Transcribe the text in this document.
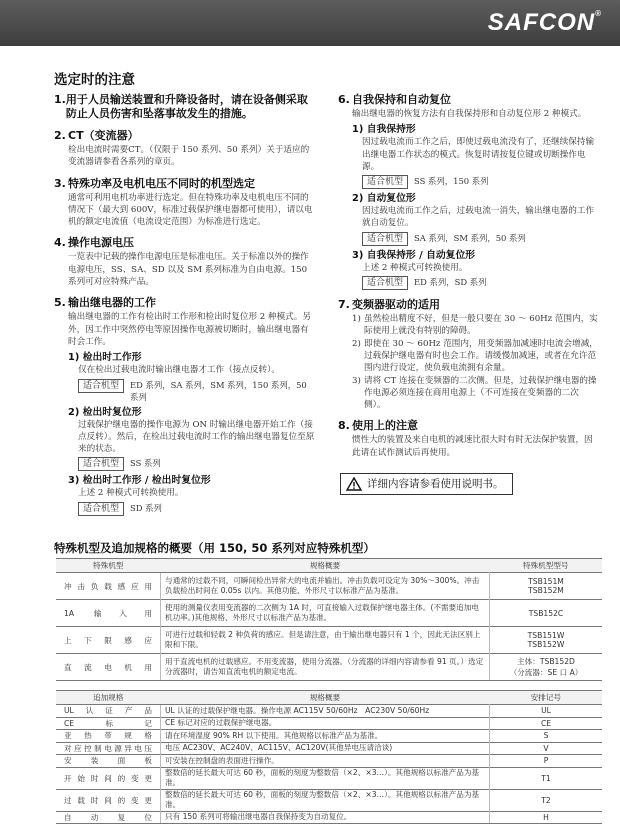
SAFCON®
选定时的注意
1. 用于人员输送装置和升降设备时，请在设备侧采取防止人员伤害和坠落事故发生的措施。
2. CT（变流器）
检出电流时需要CT。（仅限于 150 系列、50 系列）关于适应的变流器请参看各系列的章页。
3. 特殊功率及电机电压不同时的机型选定
通常可利用电机功率进行选定。但在特殊功率及电机电压不同的情况下（最大到 600V，标准过载保护继电器都可使用），请以电机的额定电流值（电流设定范围）为标准进行选定。
4. 操作电源电压
一览表中记载的操作电源电压是标准电压。关于标准以外的操作电源电压，SS、SA、SD 以及 SM 系列标准为自由电源。150 系列可对应特殊产品。
5. 输出继电器的工作
输出继电器的工作有检出时工作形和检出时复位形 2 种模式。另外，因工作中突然停电等原因操作电源被切断时，输出继电器有时会工作。
1) 检出时工作形
仅在检出过载电流时输出继电器才工作（接点反转）。
适合机型	ED 系列，SA 系列，SM 系列，150 系列，50 系列
2) 检出时复位形
过载保护继电器的操作电源为 ON 时输出继电器开始工作（接点反转）。然后，在检出过载电流时工作的输出继电器复位至原来的状态。
适合机型	SS 系列
3) 检出时工作形 / 检出时复位形
上述 2 种模式可转换使用。
适合机型	SD 系列
6. 自我保持和自动复位
输出继电器的恢复方法有自我保持形和自动复位形 2 种模式。
1) 自我保持形
因过载电流而工作之后，即使过载电流没有了，还继续保持输出继电器工作状态的模式。恢复时请按复位键或切断操作电源。
适合机型	SS 系列，150 系列
2) 自动复位形
因过载电流而工作之后，过载电流一消失，输出继电器的工作就自动复位。
适合机型	SA 系列，SM 系列，50 系列
3) 自我保持形 / 自动复位形
上述 2 种模式可转换使用。
适合机型	ED 系列，SD 系列
7. 变频器驱动的适用
1) 虽然检出精度不好，但是一般只要在 30 ～ 60Hz 范围内，实际使用上就没有特别的障碍。
2) 即使在 30 ～ 60Hz 范围内，用变频器加减速时电流会增减，过载保护继电器有时也会工作。请缓慢加减速，或者在允许范围内进行设定，使负载电流拥有余量。
3) 请将 CT 连接在变频器的二次侧。但是，过载保护继电器的操作电源必须连接在商用电源上（不可连接在变频器的二次侧）。
8. 使用上的注意
惯性大的装置及来自电机的减速比很大时有时无法保护装置，因此请在试作测试后再使用。
详细内容请参看使用说明书。
特殊机型及追加规格的概要（用 150, 50 系列对应特殊机型）
特殊机型	规格概要	特殊机型型号
冲击负载感应用	与通常的过载不同，可瞬间检出异常大的电流并输出。冲击负载可设定为 30%～300%。冲击负载检出时间在 0.05s 以内。其他功能、外形尺寸以标准产品为基准。	TSB151M
TSB152M
1A 输入用	使用的测量仪表用变流器的二次侧为 1A 时，可直接输入过载保护继电器主体。(不需要追加电机功率。)其他规格、外形尺寸以标准产品为基准。	TSB152C
上下限感应	可进行过载和轻载 2 种负荷的感应。但是请注意，由于输出继电器只有 1 个，因此无法区别上限和下限。	TSB151W
TSB152W
直流电机用	用于直流电机的过载感应。不用变流器，使用分流器。（分流器的详细内容请参看 91 页。）选定分流器时，请告知直流电机的额定电流。	主体：TSB152D
（分流器：SE 口 A）
追加规格	规格概要	安排记号
UL认证产品	UL 认证的过载保护继电器。操作电源 AC115V 50/60Hz　AC230V 50/60Hz	UL
CE标记	CE 标记对应的过载保护继电器。	CE
亚热带规格	请在环境湿度 90% RH 以下使用。其他规格以标准产品为基准。	S
对应控制电源异电压	电压 AC230V、AC240V、AC115V、AC120V(其他异电压请洽谈)	V
安装面板	可安装在控制盘的表面进行操作。	P
开始时间的变更	整数倍的延长最大可达 60 秒，面板的刻度为整数倍（×2、×3…）。其他规格以标准产品为基准。	T1
过载时间的变更	整数倍的延长最大可达 60 秒，面板的刻度为整数倍（×2、×3…）。其他规格以标准产品为基准。	T2
自动复位	只有 150 系列可将输出继电器自我保持变为自动复位。	H
